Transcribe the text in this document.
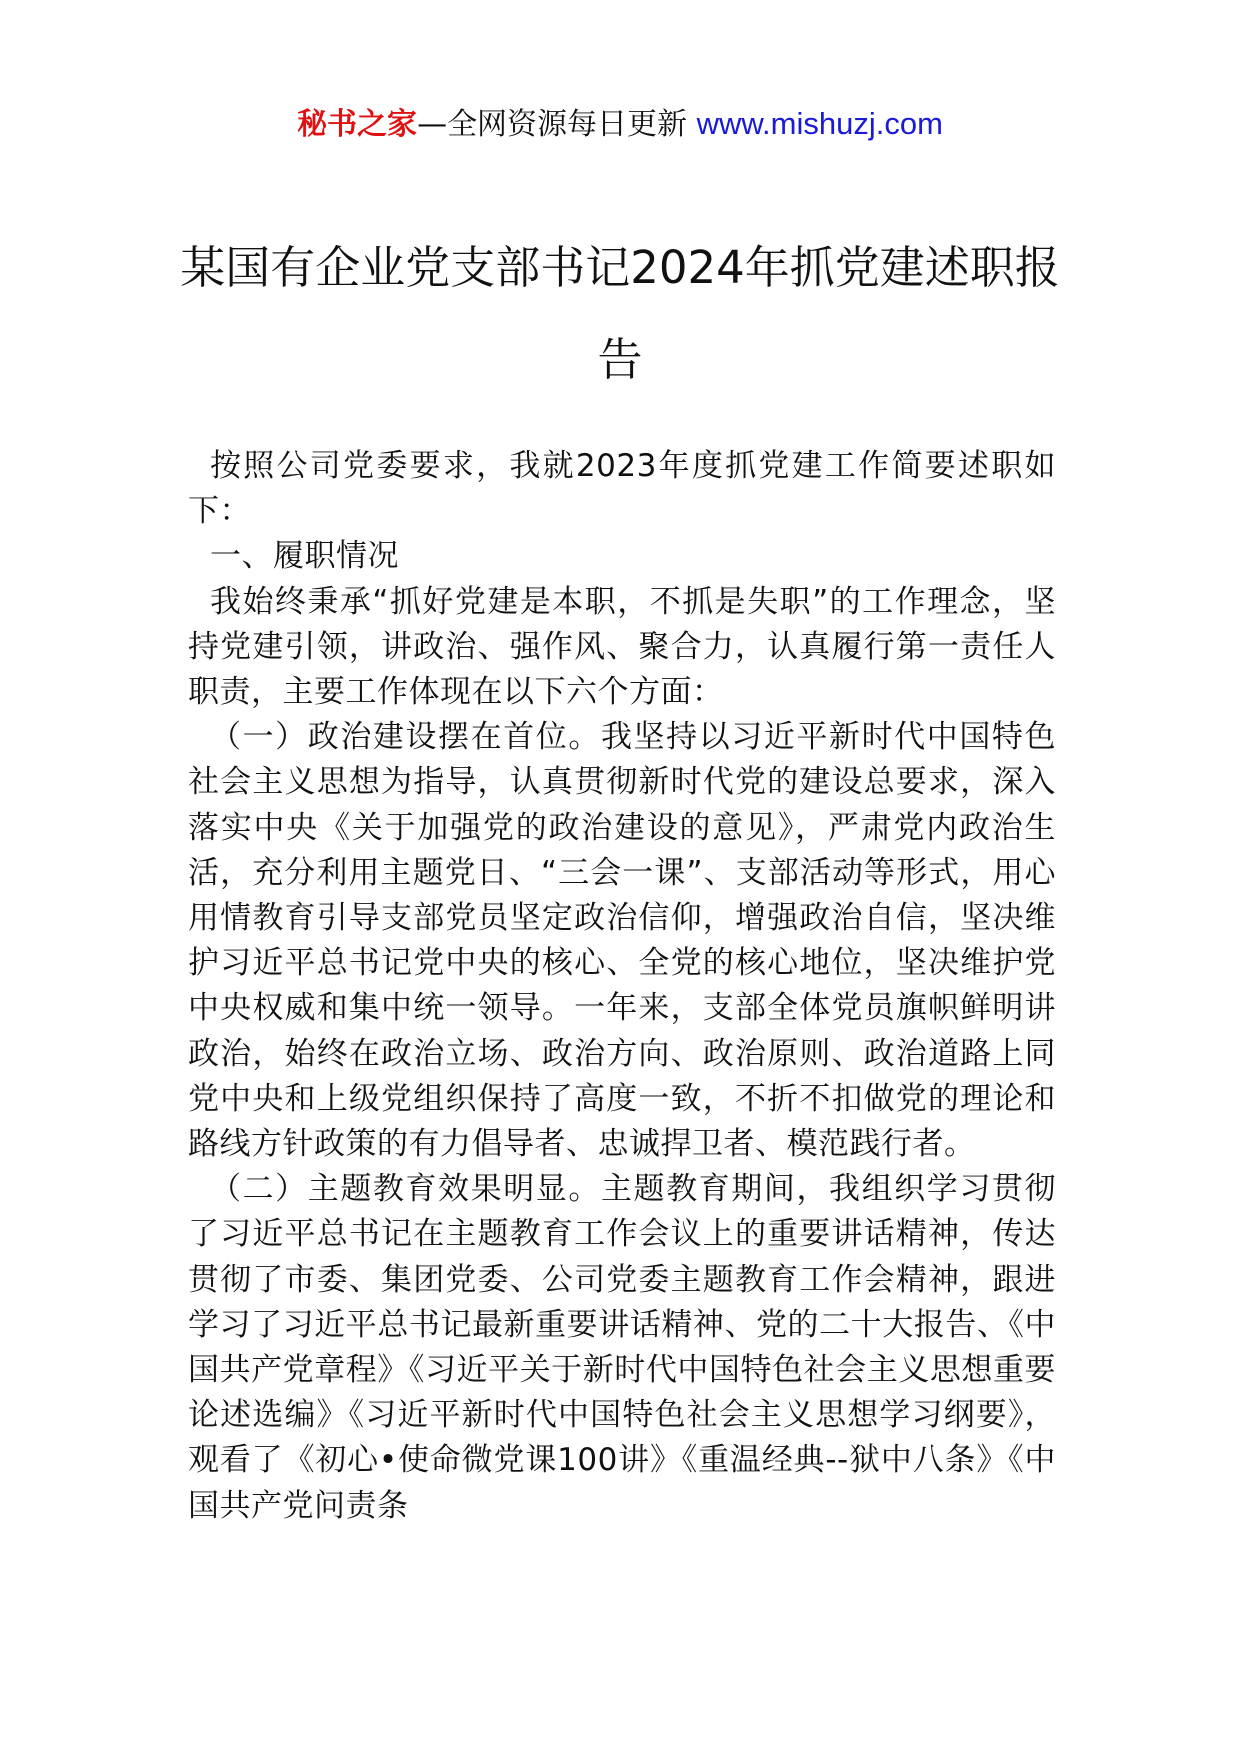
秘书之家—全网资源每日更新 www.mishuzj.com
某国有企业党支部书记2024年抓党建述职报告

按照公司党委要求，我就2023年度抓党建工作简要述职如下：

一、履职情况

我始终秉承“抓好党建是本职，不抓是失职”的工作理念，坚持党建引领，讲政治、强作风、聚合力，认真履行第一责任人职责，主要工作体现在以下六个方面：

（一）政治建设摆在首位。我坚持以习近平新时代中国特色社会主义思想为指导，认真贯彻新时代党的建设总要求，深入落实中央《关于加强党的政治建设的意见》，严肃党内政治生活，充分利用主题党日、“三会一课”、支部活动等形式，用心用情教育引导支部党员坚定政治信仰，增强政治自信，坚决维护习近平总书记党中央的核心、全党的核心地位，坚决维护党中央权威和集中统一领导。一年来，支部全体党员旗帜鲜明讲政治，始终在政治立场、政治方向、政治原则、政治道路上同党中央和上级党组织保持了高度一致，不折不扣做党的理论和路线方针政策的有力倡导者、忠诚捍卫者、模范践行者。

（二）主题教育效果明显。主题教育期间，我组织学习贯彻了习近平总书记在主题教育工作会议上的重要讲话精神，传达贯彻了市委、集团党委、公司党委主题教育工作会精神，跟进学习了习近平总书记最新重要讲话精神、党的二十大报告、《中国共产党章程》《习近平关于新时代中国特色社会主义思想重要论述选编》《习近平新时代中国特色社会主义思想学习纲要》，观看了《初心•使命微党课100讲》《重温经典--狱中八条》《中国共产党问责条
